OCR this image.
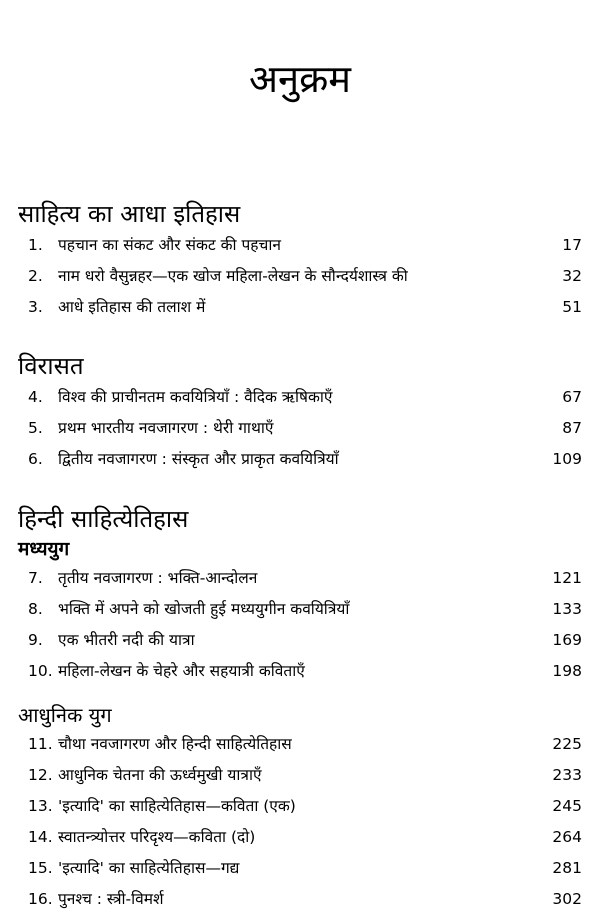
अनुक्रम
साहित्य का आधा इतिहास
1. पहचान का संकट और संकट की पहचान	17
2. नाम धरो वैसुन्नहर—एक खोज महिला-लेखन के सौन्दर्यशास्त्र की	32
3. आधे इतिहास की तलाश में	51
विरासत
4. विश्व की प्राचीनतम कवयित्रियाँ : वैदिक ऋषिकाएँ	67
5. प्रथम भारतीय नवजागरण : थेरी गाथाएँ	87
6. द्वितीय नवजागरण : संस्कृत और प्राकृत कवयित्रियाँ	109
हिन्दी साहित्येतिहास
मध्ययुग
7. तृतीय नवजागरण : भक्ति-आन्दोलन	121
8. भक्ति में अपने को खोजती हुई मध्ययुगीन कवयित्रियाँ	133
9. एक भीतरी नदी की यात्रा	169
10. महिला-लेखन के चेहरे और सहयात्री कविताएँ	198
आधुनिक युग
11. चौथा नवजागरण और हिन्दी साहित्येतिहास	225
12. आधुनिक चेतना की ऊर्ध्वमुखी यात्राएँ	233
13. 'इत्यादि' का साहित्येतिहास—कविता (एक)	245
14. स्वातन्त्र्योत्तर परिदृश्य—कविता (दो)	264
15. 'इत्यादि' का साहित्येतिहास—गद्य	281
16. पुनश्च : स्त्री-विमर्श	302
